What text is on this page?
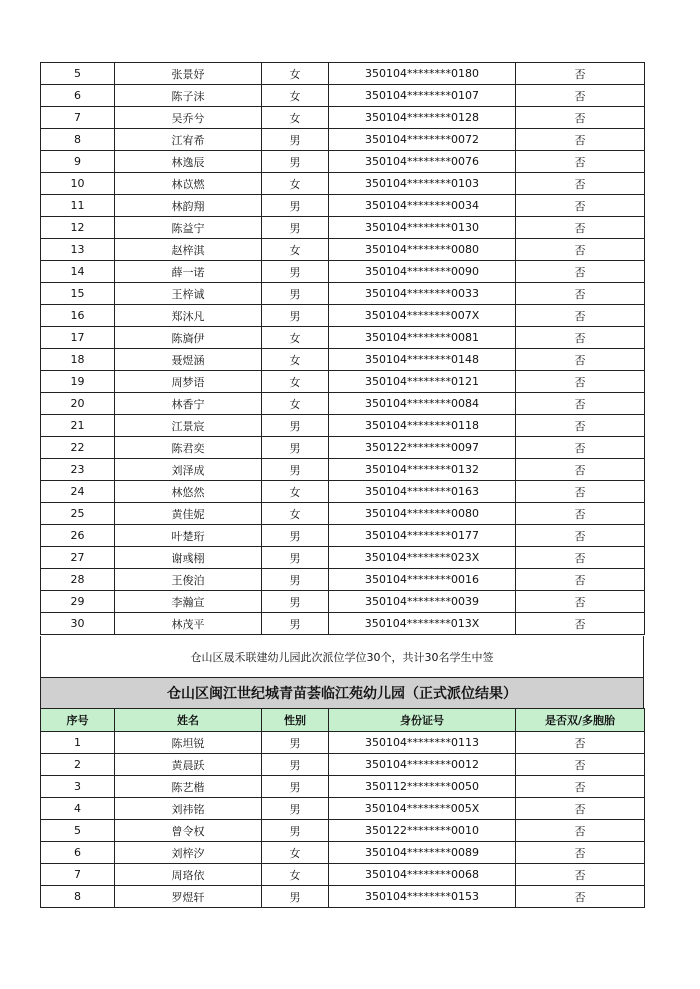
5	张景妤	女	350104********0180	否
6	陈子沫	女	350104********0107	否
7	吴乔兮	女	350104********0128	否
8	江宥希	男	350104********0072	否
9	林逸辰	男	350104********0076	否
10	林苡燃	女	350104********0103	否
11	林韵翔	男	350104********0034	否
12	陈益宁	男	350104********0130	否
13	赵梓淇	女	350104********0080	否
14	薛一诺	男	350104********0090	否
15	王梓诚	男	350104********0033	否
16	郑沐凡	男	350104********007X	否
17	陈旖伊	女	350104********0081	否
18	聂煜涵	女	350104********0148	否
19	周梦语	女	350104********0121	否
20	林香宁	女	350104********0084	否
21	江景宸	男	350104********0118	否
22	陈君奕	男	350122********0097	否
23	刘泽成	男	350104********0132	否
24	林悠然	女	350104********0163	否
25	黄佳妮	女	350104********0080	否
26	叶楚珩	男	350104********0177	否
27	谢彧栩	男	350104********023X	否
28	王俊泊	男	350104********0016	否
29	李瀚宣	男	350104********0039	否
30	林茂平	男	350104********013X	否
仓山区晟禾联建幼儿园此次派位学位30个，共计30名学生中签
仓山区闽江世纪城青苗荟临江苑幼儿园（正式派位结果）
序号	姓名	性别	身份证号	是否双/多胞胎
1	陈坦锐	男	350104********0113	否
2	黄晨跃	男	350104********0012	否
3	陈艺楷	男	350112********0050	否
4	刘祎铭	男	350104********005X	否
5	曾令权	男	350122********0010	否
6	刘梓汐	女	350104********0089	否
7	周珞依	女	350104********0068	否
8	罗煜轩	男	350104********0153	否
